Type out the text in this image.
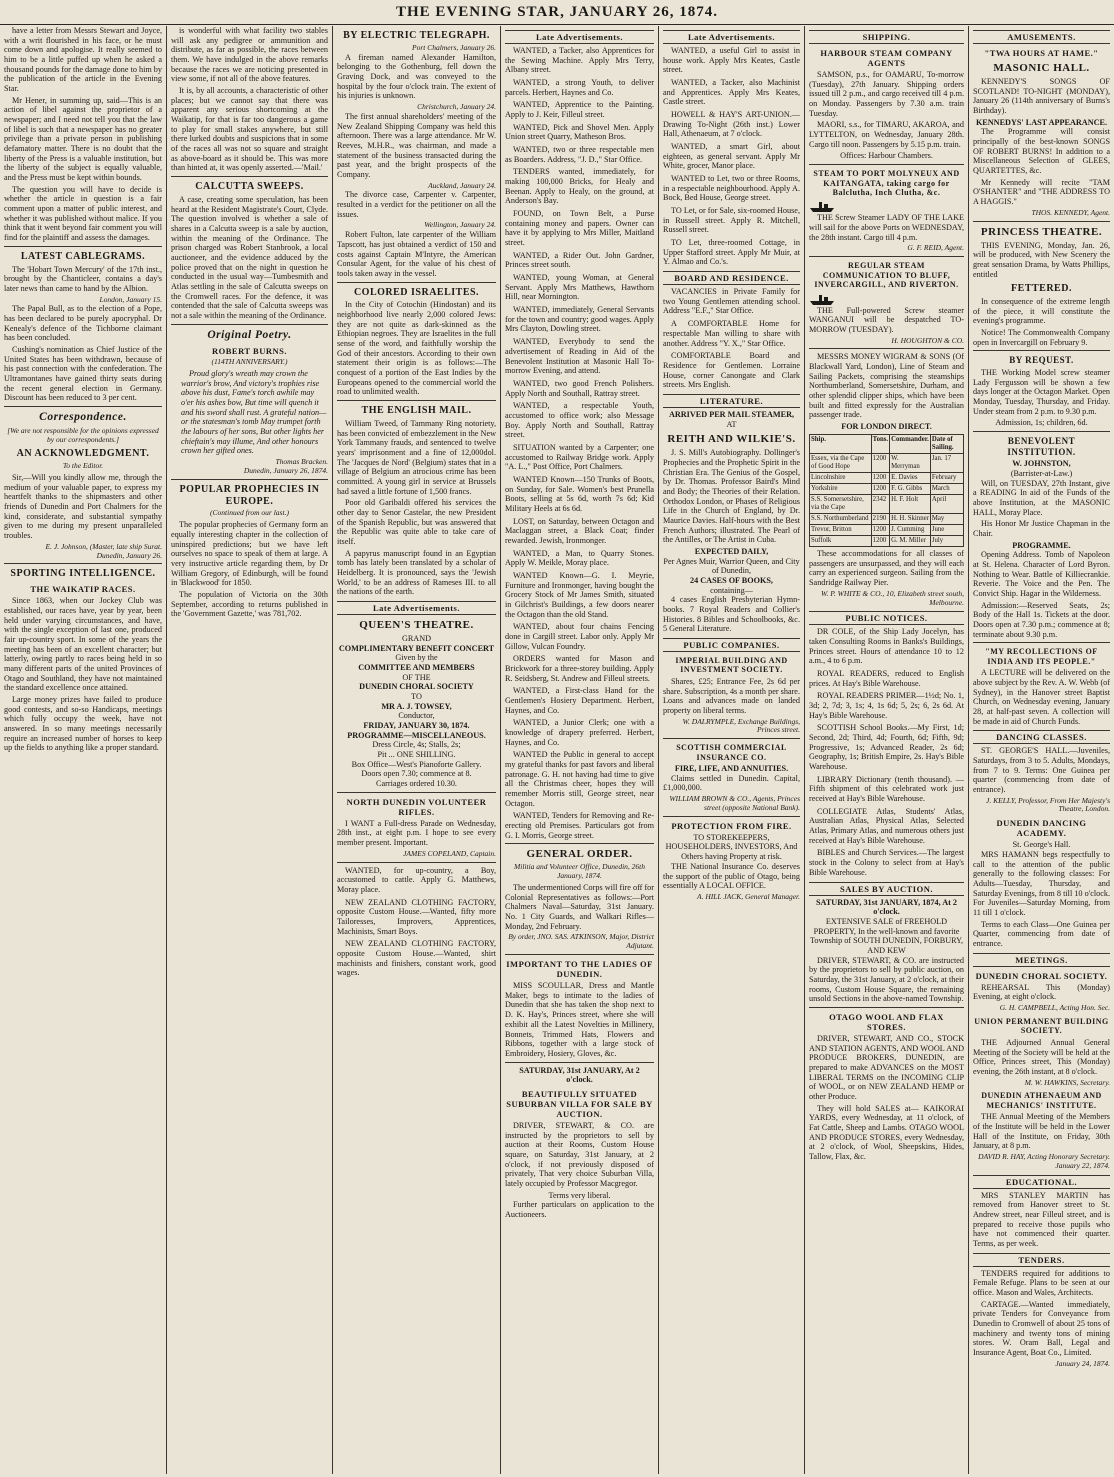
THE EVENING STAR, JANUARY 26, 1874.

have a letter from Messrs Stewart and Joyce, with a writ flourished in his face, or he must come down and apologise. It really seemed to him to be a little puffed up when he asked a thousand pounds for the damage done to him by the publication of the article in the Evening Star.

Mr Hener, in summing up, said—This is an action of libel against the proprietor of a newspaper; and I need not tell you that the law of libel is such that a newspaper has no greater privilege than a private person in publishing defamatory matter. There is no doubt that the liberty of the Press is a valuable institution, but the liberty of the subject is equally valuable, and the Press must be kept within bounds.

The question you will have to decide is whether the article in question is a fair comment upon a matter of public interest, and whether it was published without malice. If you think that it went beyond fair comment you will find for the plaintiff and assess the damages.

LATEST CABLEGRAMS.

The 'Hobart Town Mercury' of the 17th inst., brought by the Chanticleer, contains a day's later news than came to hand by the Albion.

London, January 15.

The Papal Bull, as to the election of a Pope, has been declared to be purely apocryphal. Dr Kenealy's defence of the Tichborne claimant has been concluded.

Cushing's nomination as Chief Justice of the United States has been withdrawn, because of his past connection with the confederation. The Ultramontanes have gained thirty seats during the recent general election in Germany. Discount has been reduced to 3 per cent.

Correspondence.
[We are not responsible for the opinions expressed by our correspondents.]
AN ACKNOWLEDGMENT.
To the Editor.

Sir,—Will you kindly allow me, through the medium of your valuable paper, to express my heartfelt thanks to the shipmasters and other friends of Dunedin and Port Chalmers for the kind, considerate, and substantial sympathy given to me during my present unparalleled troubles.

E. J. Johnson, (Master, late ship Surat.
Dunedin, January 26.
SPORTING INTELLIGENCE.
THE WAIKATIP RACES.

Since 1863, when our Jockey Club was established, our races have, year by year, been held under varying circumstances, and have, with the single exception of last one, produced fair up-country sport. In some of the years the meeting has been of an excellent character; but latterly, owing partly to races being held in so many different parts of the united Provinces of Otago and Southland, they have not maintained the standard excellence once attained.

Large money prizes have failed to produce good contests, and so-so Handicaps, meetings which fully occupy the week, have not answered. In so many meetings necessarily require an increased number of horses to keep up the fields to anything like a proper standard.

is wonderful with what facility two stables will ask any pedigree or ammunition and distribute, as far as possible, the races between them. We have indulged in the above remarks because the races we are noticing presented in view some, if not all of the above features.

It is, by all accounts, a characteristic of other places; but we cannot say that there was apparent any serious shortcoming at the Waikatip, for that is far too dangerous a game to play for small stakes anywhere, but still there lurked doubts and suspicions that in some of the races all was not so square and straight as above-board as it should be. This was more than hinted at, it was openly asserted.—'Mail.'

CALCUTTA SWEEPS.

A case, creating some speculation, has been heard at the Resident Magistrate's Court, Clyde. The question involved is whether a sale of shares in a Calcutta sweep is a sale by auction, within the meaning of the Ordinance. The prison charged was Robert Stanbrook, a local auctioneer, and the evidence adduced by the police proved that on the night in question he conducted in the usual way—Tumbesmith and Atlas settling in the sale of Calcutta sweeps on the Cromwell races. For the defence, it was contended that the sale of Calcutta sweeps was not a sale within the meaning of the Ordinance.

Original Poetry.
ROBERT BURNS.
(114TH ANNIVERSARY.)

Proud glory's wreath may crown the warrior's brow, And victory's trophies rise above his dust, Fame's torch awhile may o'er his ashes bow, But time will quench it and his sword shall rust. A grateful nation—or the statesman's tomb May trumpet forth the labours of her sons, But other lights her chieftain's may illume, And other honours crown her gifted ones.

Thomas Bracken.
Dunedin, January 26, 1874.
POPULAR PROPHECIES IN EUROPE.
(Continued from our last.)

The popular prophecies of Germany form an equally interesting chapter in the collection of uninspired predictions; but we have left ourselves no space to speak of them at large. A very instructive article regarding them, by Dr William Gregory, of Edinburgh, will be found in 'Blackwood' for 1850.

The population of Victoria on the 30th September, according to returns published in the 'Government Gazette,' was 781,702.

BY ELECTRIC TELEGRAPH.
Port Chalmers, January 26.

A fireman named Alexander Hamilton, belonging to the Gothenburg, fell down the Graving Dock, and was conveyed to the hospital by the four o'clock train. The extent of his injuries is unknown.

Christchurch, January 24.

The first annual shareholders' meeting of the New Zealand Shipping Company was held this afternoon. There was a large attendance. Mr W. Reeves, M.H.R., was chairman, and made a statement of the business transacted during the past year, and the bright prospects of the Company.

Auckland, January 24.

The divorce case, Carpenter v. Carpenter, resulted in a verdict for the petitioner on all the issues.

Wellington, January 24.

Robert Fulton, late carpenter of the William Tapscott, has just obtained a verdict of 150 and costs against Captain M'Intyre, the American Consular Agent, for the value of his chest of tools taken away in the vessel.

COLORED ISRAELITES.

In the City of Cotochin (Hindostan) and its neighborhood live nearly 2,000 colored Jews: they are not quite as dark-skinned as the Ethiopian negroes. They are Israelites in the full sense of the word, and faithfully worship the God of their ancestors. According to their own statement their origin is as follows:—The conquest of a portion of the East Indies by the Europeans opened to the commercial world the road to unlimited wealth.

THE ENGLISH MAIL.

William Tweed, of Tammany Ring notoriety, has been convicted of embezzlement in the New York Tammany frauds, and sentenced to twelve years' imprisonment and a fine of 12,000dol. The 'Jacques de Nord' (Belgium) states that in a village of Belgium an atrocious crime has been committed. A young girl in service at Brussels had saved a little fortune of 1,500 francs.

Poor old Garibaldi offered his services the other day to Senor Castelar, the new President of the Spanish Republic, but was answered that the Republic was quite able to take care of itself.

A papyrus manuscript found in an Egyptian tomb has lately been translated by a scholar of Heidelberg. It is pronounced, says the 'Jewish World,' to be an address of Rameses III. to all the nations of the earth.

Late Advertisements.
QUEEN'S THEATRE.
GRAND
COMPLIMENTARY BENEFIT CONCERT
Given by the
COMMITTEE AND MEMBERS
OF THE
DUNEDIN CHORAL SOCIETY
TO
MR A. J. TOWSEY,
Conductor,
FRIDAY, JANUARY 30, 1874.
PROGRAMME—MISCELLANEOUS.
Dress Circle, 4s; Stalls, 2s;
Pit ... ONE SHILLING.
Box Office—West's Pianoforte Gallery.
Doors open 7.30; commence at 8.
Carriages ordered 10.30.
NORTH DUNEDIN VOLUNTEER RIFLES.

I WANT a Full-dress Parade on Wednesday, 28th inst., at eight p.m. I hope to see every member present. Important.

JAMES COPELAND, Captain.

WANTED, for up-country, a Boy, accustomed to cattle. Apply G. Matthews, Moray place.

NEW ZEALAND CLOTHING FACTORY, opposite Custom House.—Wanted, fifty more Tailoresses, Improvers, Apprentices, Machinists, Smart Boys.

NEW ZEALAND CLOTHING FACTORY, opposite Custom House.—Wanted, shirt machinists and finishers, constant work, good wages.

Late Advertisements.

WANTED, a Tacker, also Apprentices for the Sewing Machine. Apply Mrs Terry, Albany street.

WANTED, a strong Youth, to deliver parcels. Herbert, Haynes and Co.

WANTED, Apprentice to the Painting. Apply to J. Keir, Filleul street.

WANTED, Pick and Shovel Men. Apply Union street Quarry, Matheson Bros.

WANTED, two or three respectable men as Boarders. Address, "J. D.," Star Office.

TENDERS wanted, immediately, for making 100,000 Bricks, for Healy and Beenan. Apply to Healy, on the ground, at Anderson's Bay.

FOUND, on Town Belt, a Purse containing money and papers. Owner can have it by applying to Mrs Miller, Maitland street.

WANTED, a Rider Out. John Gardner, Princes street south.

WANTED, young Woman, at General Servant. Apply Mrs Matthews, Hawthorn Hill, near Mornington.

WANTED, immediately, General Servants for the town and country; good wages. Apply Mrs Clayton, Dowling street.

WANTED, Everybody to send the advertisement of Reading in Aid of the Benevolent Institution at Masonic Hall To-morrow Evening, and attend.

WANTED, two good French Polishers. Apply North and Southall, Rattray street.

WANTED, a respectable Youth, accustomed to office work; also Message Boy. Apply North and Southall, Rattray street.

SITUATION wanted by a Carpenter; one accustomed to Railway Bridge work. Apply "A. L.," Post Office, Port Chalmers.

WANTED Known—150 Trunks of Boots, on Sunday, for Sale. Women's best Prunella Boots, selling at 5s 6d, worth 7s 6d; Kid Military Heels at 6s 6d.

LOST, on Saturday, between Octagon and Maclaggan street, a Black Coat; finder rewarded. Jewish, Ironmonger.

WANTED, a Man, to Quarry Stones. Apply W. Meikle, Moray place.

WANTED Known—G. I. Meyrie, Furniture and Ironmonger, having bought the Grocery Stock of Mr James Smith, situated in Gilchrist's Buildings, a few doors nearer the Octagon than the old Stand.

WANTED, about four chains Fencing done in Cargill street. Labor only. Apply Mr Gillow, Vulcan Foundry.

ORDERS wanted for Mason and Brickwork for a three-storey building. Apply R. Seidsberg, St. Andrew and Filleul streets.

WANTED, a First-class Hand for the Gentlemen's Hosiery Department. Herbert, Haynes, and Co.

WANTED, a Junior Clerk; one with a knowledge of drapery preferred. Herbert, Haynes, and Co.

WANTED the Public in general to accept my grateful thanks for past favors and liberal patronage. G. H. not having had time to give all the Christmas cheer, hopes they will remember Morris still, George street, near Octagon.

WANTED, Tenders for Removing and Re-erecting old Premises. Particulars got from G. I. Morris, George street.

GENERAL ORDER.
Militia and Volunteer Office, Dunedin, 26th January, 1874.

The undermentioned Corps will fire off for Colonial Representatives as follows:—Port Chalmers Naval—Saturday, 31st January. No. 1 City Guards, and Walkari Rifles—Monday, 2nd February.

By order, JNO. SAS. ATKINSON, Major, District Adjutant.
IMPORTANT TO THE LADIES OF DUNEDIN.

MISS SCOULLAR, Dress and Mantle Maker, begs to intimate to the ladies of Dunedin that she has taken the shop next to D. K. Hay's, Princes street, where she will exhibit all the Latest Novelties in Millinery, Bonnets, Trimmed Hats, Flowers and Ribbons, together with a large stock of Embroidery, Hosiery, Gloves, &c.

SATURDAY, 31st JANUARY, At 2 o'clock.
BEAUTIFULLY SITUATED SUBURBAN VILLA FOR SALE BY AUCTION.

DRIVER, STEWART, & CO. are instructed by the proprietors to sell by auction at their Rooms, Custom House square, on Saturday, 31st January, at 2 o'clock, if not previously disposed of privately, That very choice Suburban Villa, lately occupied by Professor Macgregor.

Terms very liberal.

Further particulars on application to the Auctioneers.

Late Advertisements.

WANTED, a useful Girl to assist in house work. Apply Mrs Keates, Castle street.

WANTED, a Tacker, also Machinist and Apprentices. Apply Mrs Keates, Castle street.

HOWELL & HAY'S ART-UNION.—Drawing To-Night (26th inst.) Lower Hall, Athenaeum, at 7 o'clock.

WANTED, a smart Girl, about eighteen, as general servant. Apply Mr White, grocer, Manor place.

WANTED to Let, two or three Rooms, in a respectable neighbourhood. Apply A. Bock, Bed House, George street.

TO Let, or for Sale, six-roomed House, in Russell street. Apply R. Mitchell, Russell street.

TO Let, three-roomed Cottage, in Upper Stafford street. Apply Mr Muir, at Y. Almao and Co.'s.

BOARD AND RESIDENCE.

VACANCIES in Private Family for two Young Gentlemen attending school. Address "E.F.," Star Office.

A COMFORTABLE Home for respectable Man willing to share with another. Address "Y. X.," Star Office.

COMFORTABLE Board and Residence for Gentlemen. Lorraine House, corner Canongate and Clark streets. Mrs English.

LITERATURE.
ARRIVED PER MAIL STEAMER,
AT
REITH AND WILKIE'S.

J. S. Mill's Autobiography. Dollinger's Prophecies and the Prophetic Spirit in the Christian Era. The Genius of the Gospel, by Dr. Thomas. Professor Baird's Mind and Body; the Theories of their Relation. Orthodox London, or Phases of Religious Life in the Church of England, by Dr. Maurice Davies. Half-hours with the Best French Authors; illustrated. The Pearl of the Antilles, or The Artist in Cuba.

EXPECTED DAILY,
Per Agnes Muir, Warrior Queen, and City of Dunedin,
24 CASES OF BOOKS,
containing—

4 cases English Presbyterian Hymn-books. 7 Royal Readers and Collier's Histories. 8 Bibles and Schoolbooks, &c. 5 General Literature.

PUBLIC COMPANIES.
IMPERIAL BUILDING AND INVESTMENT SOCIETY.

Shares, £25; Entrance Fee, 2s 6d per share. Subscription, 4s a month per share. Loans and advances made on landed property on liberal terms.

W. DALRYMPLE, Exchange Buildings, Princes street.
SCOTTISH COMMERCIAL INSURANCE CO.
FIRE, LIFE, AND ANNUITIES.

Claims settled in Dunedin. Capital, £1,000,000.

WILLIAM BROWN & CO., Agents, Princes street (opposite National Bank).
PROTECTION FROM FIRE.
TO STOREKEEPERS, HOUSEHOLDERS, INVESTORS, And Others having Property at risk.

THE National Insurance Co. deserves the support of the public of Otago, being essentially A LOCAL OFFICE.

A. HILL JACK, General Manager.
SHIPPING.
HARBOUR STEAM COMPANY AGENTS

SAMSON, p.s., for OAMARU, To-morrow (Tuesday), 27th January. Shipping orders issued till 2 p.m., and cargo received till 4 p.m. on Monday. Passengers by 7.30 a.m. train Tuesday.

MAORI, s.s., for TIMARU, AKAROA, and LYTTELTON, on Wednesday, January 28th. Cargo till noon. Passengers by 5.15 p.m. train.

Offices: Harbour Chambers.
STEAM TO PORT MOLYNEUX AND KAITANGATA, taking cargo for Balclutha, Inch Clutha, &c.

THE Screw Steamer LADY OF THE LAKE will sail for the above Ports on WEDNESDAY, the 28th instant. Cargo till 4 p.m.

G. F. REID, Agent.
REGULAR STEAM COMMUNICATION TO BLUFF, INVERCARGILL, AND RIVERTON.

THE Full-powered Screw steamer WANGANUI will be despatched TO-MORROW (TUESDAY).

H. HOUGHTON & CO.

MESSRS MONEY WIGRAM & SONS (Of Blackwall Yard, London), Line of Steam and Sailing Packets, comprising the steamships Northumberland, Somersetshire, Durham, and other splendid clipper ships, which have been built and fitted expressly for the Australian passenger trade.

FOR LONDON DIRECT.
Ship.	Tons.	Commander.	Date of Sailing.
Essex, via the Cape of Good Hope	1200	W. Merryman	Jan. 17
Lincolnshire	1200	E. Davies	February
Yorkshire	1200	F. G. Gibbs	March
S.S. Somersetshire, via the Cape	2342	H. F. Holt	April
S.S. Northumberland	2190	H. H. Skinner	May
Trevor, Britton	1200	J. Cumming	June
Suffolk	1200	G. M. Miller	July

These accommodations for all classes of passengers are unsurpassed, and they will each carry an experienced surgeon. Sailing from the Sandridge Railway Pier.

W. P. WHITE & CO., 10, Elizabeth street south, Melbourne.
PUBLIC NOTICES.

DR COLE, of the Ship Lady Jocelyn, has taken Consulting Rooms in Banks's Buildings, Princes street. Hours of attendance 10 to 12 a.m., 4 to 6 p.m.

ROYAL READERS, reduced to English prices. At Hay's Bible Warehouse.

ROYAL READERS PRIMER—1½d; No. 1, 3d; 2, 7d; 3, 1s; 4, 1s 6d; 5, 2s; 6, 2s 6d. At Hay's Bible Warehouse.

SCOTTISH School Books.—My First, 1d; Second, 2d; Third, 4d; Fourth, 6d; Fifth, 9d; Progressive, 1s; Advanced Reader, 2s 6d; Geography, 1s; British Empire, 2s. Hay's Bible Warehouse.

LIBRARY Dictionary (tenth thousand). —Fifth shipment of this celebrated work just received at Hay's Bible Warehouse.

COLLEGIATE Atlas, Students' Atlas, Australian Atlas, Physical Atlas, Selected Atlas, Primary Atlas, and numerous others just received at Hay's Bible Warehouse.

BIBLES and Church Services.—The largest stock in the Colony to select from at Hay's Bible Warehouse.

SALES BY AUCTION.
SATURDAY, 31st JANUARY, 1874, At 2 o'clock.
EXTENSIVE SALE of FREEHOLD PROPERTY, In the well-known and favorite Township of SOUTH DUNEDIN, FORBURY, AND KEW

DRIVER, STEWART, & CO. are instructed by the proprietors to sell by public auction, on Saturday, the 31st January, at 2 o'clock, at their rooms, Custom House Square, the remaining unsold Sections in the above-named Township.

OTAGO WOOL AND FLAX STORES.

DRIVER, STEWART, AND CO., STOCK AND STATION AGENTS, AND WOOL AND PRODUCE BROKERS, DUNEDIN, are prepared to make ADVANCES on the MOST LIBERAL TERMS on the INCOMING CLIP of WOOL, or on NEW ZEALAND HEMP or other Produce.

They will hold SALES at— KAIKORAI YARDS, every Wednesday, at 11 o'clock, of Fat Cattle, Sheep and Lambs. OTAGO WOOL AND PRODUCE STORES, every Wednesday, at 2 o'clock, of Wool, Sheepskins, Hides, Tallow, Flax, &c.

AMUSEMENTS.
"TWA HOURS AT HAME."
MASONIC HALL.

KENNEDY'S SONGS OF SCOTLAND! TO-NIGHT (MONDAY), January 26 (114th anniversary of Burns's Birthday).

KENNEDYS' LAST APPEARANCE.

The Programme will consist principally of the best-known SONGS OF ROBERT BURNS! In addition to a Miscellaneous Selection of GLEES, QUARTETTES, &c.

Mr Kennedy will recite "TAM O'SHANTER" and "THE ADDRESS TO A HAGGIS."

THOS. KENNEDY, Agent.
PRINCESS THEATRE.

THIS EVENING, Monday, Jan. 26, will be produced, with New Scenery the great sensation Drama, by Watts Phillips, entitled

FETTERED.

In consequence of the extreme length of the piece, it will constitute the evening's programme.

Notice! The Commonwealth Company open in Invercargill on February 9.

BY REQUEST.

THE Working Model screw steamer Lady Fergusson will be shown a few days longer at the Octagon Market. Open Monday, Tuesday, Thursday, and Friday. Under steam from 2 p.m. to 9.30 p.m.

Admission, 1s; children, 6d.
BENEVOLENT INSTITUTION.
W. JOHNSTON,
(Barrister-at-Law.)

Will, on TUESDAY, 27th Instant, give a READING In aid of the Funds of the above Institution, at the MASONIC HALL, Moray Place.

His Honor Mr Justice Chapman in the Chair.

PROGRAMME.

Opening Address. Tomb of Napoleon at St. Helena. Character of Lord Byron. Nothing to Wear. Battle of Killiecrankie. Reverie. The Voice and the Pen. The Convict Ship. Hagar in the Wilderness.

Admission:—Reserved Seats, 2s; Body of the Hall 1s. Tickets at the door. Doors open at 7.30 p.m.; commence at 8; terminate about 9.30 p.m.

"MY RECOLLECTIONS OF INDIA AND ITS PEOPLE."

A LECTURE will be delivered on the above subject by the Rev. A. W. Webb (of Sydney), in the Hanover street Baptist Church, on Wednesday evening, January 28, at half-past seven. A collection will be made in aid of Church Funds.

DANCING CLASSES.

ST. GEORGE'S HALL.—Juveniles, Saturdays, from 3 to 5. Adults, Mondays, from 7 to 9. Terms: One Guinea per quarter (commencing from date of entrance).

J. KELLY, Professor, From Her Majesty's Theatre, London.
DUNEDIN DANCING ACADEMY.
St. George's Hall.

MRS HAMANN begs respectfully to call to the attention of the public generally to the following classes: For Adults—Tuesday, Thursday, and Saturday Evenings, from 8 till 10 o'clock. For Juveniles—Saturday Morning, from 11 till 1 o'clock.

Terms to each Class—One Guinea per Quarter, commencing from date of entrance.

MEETINGS.
DUNEDIN CHORAL SOCIETY.

REHEARSAL This (Monday) Evening, at eight o'clock.

G. H. CAMPBELL, Acting Hon. Sec.
UNION PERMANENT BUILDING SOCIETY.

THE Adjourned Annual General Meeting of the Society will be held at the Office, Princes street, This (Monday) evening, the 26th instant, at 8 o'clock.

M. W. HAWKINS, Secretary.
DUNEDIN ATHENAEUM AND MECHANICS' INSTITUTE.

THE Annual Meeting of the Members of the Institute will be held in the Lower Hall of the Institute, on Friday, 30th January, at 8 p.m.

DAVID R. HAY, Acting Honorary Secretary. January 22, 1874.
EDUCATIONAL.

MRS STANLEY MARTIN has removed from Hanover street to St. Andrew street, near Filleul street, and is prepared to receive those pupils who have not commenced their quarter. Terms, as per week.

TENDERS.

TENDERS required for additions to Female Refuge. Plans to be seen at our office. Mason and Wales, Architects.

CARTAGE.—Wanted immediately, private Tenders for Conveyance from Dunedin to Cromwell of about 25 tons of machinery and twenty tons of mining stores. W. Oram Ball, Legal and Insurance Agent, Boat Co., Limited.

January 24, 1874.
